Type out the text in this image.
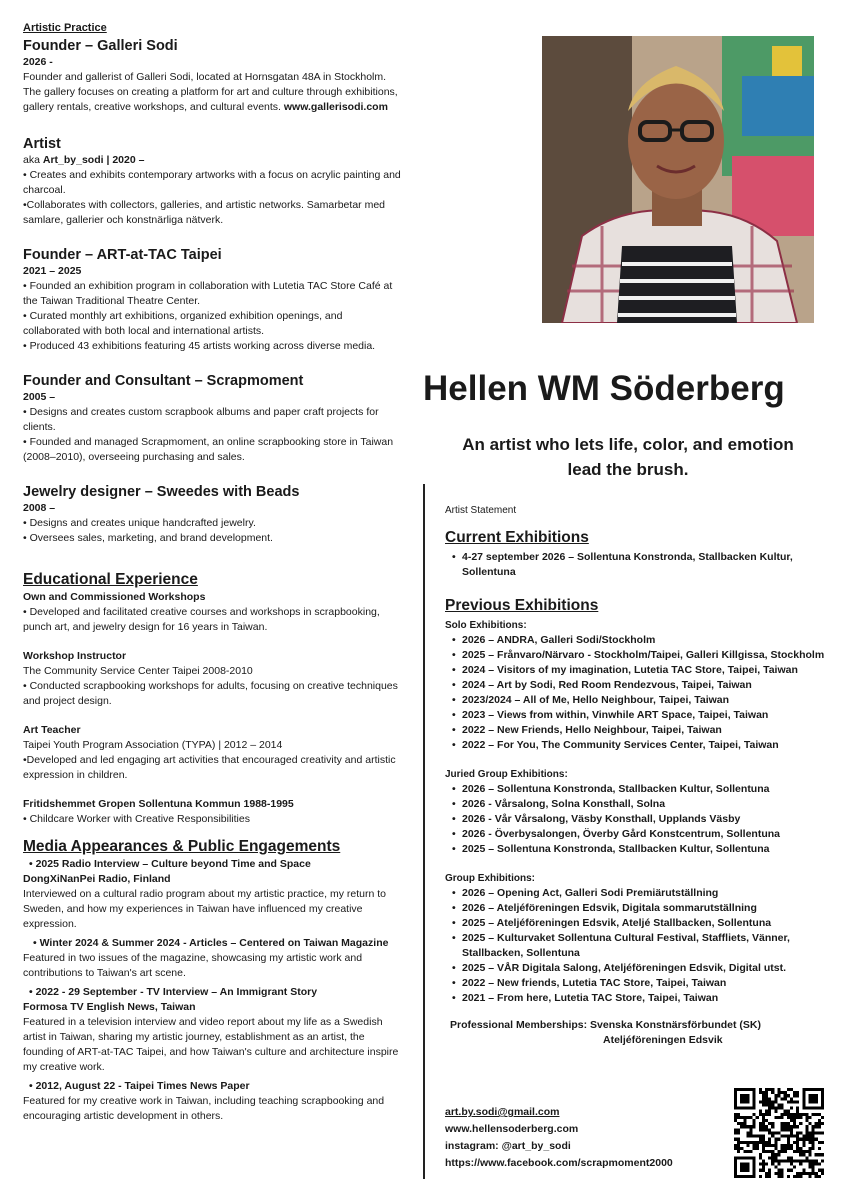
Artistic Practice
Founder – Galleri Sodi
2026 -
Founder and gallerist of Galleri Sodi, located at Hornsgatan 48A in Stockholm. The gallery focuses on creating a platform for art and culture through exhibitions, gallery rentals, creative workshops, and cultural events. www.gallerisodi.com
Artist
aka Art_by_sodi | 2020 –
• Creates and exhibits contemporary artworks with a focus on acrylic painting and charcoal.
•Collaborates with collectors, galleries, and artistic networks. Samarbetar med samlare, gallerier och konstnärliga nätverk.
Founder – ART-at-TAC Taipei
2021 – 2025
• Founded an exhibition program in collaboration with Lutetia TAC Store Café at the Taiwan Traditional Theatre Center.
• Curated monthly art exhibitions, organized exhibition openings, and collaborated with both local and international artists.
• Produced 43 exhibitions featuring 45 artists working across diverse media.
Founder and Consultant – Scrapmoment
2005 –
• Designs and creates custom scrapbook albums and paper craft projects for clients.
• Founded and managed Scrapmoment, an online scrapbooking store in Taiwan (2008–2010), overseeing purchasing and sales.
Jewelry designer – Sweedes with Beads
2008 –
• Designs and creates unique handcrafted jewelry.
• Oversees sales, marketing, and brand development.
Educational Experience
Own and Commissioned Workshops
• Developed and facilitated creative courses and workshops in scrapbooking, punch art, and jewelry design for 16 years in Taiwan.
Workshop Instructor
The Community Service Center Taipei 2008-2010
• Conducted scrapbooking workshops for adults, focusing on creative techniques and project design.
Art Teacher
Taipei Youth Program Association (TYPA) | 2012 – 2014
•Developed and led engaging art activities that encouraged creativity and artistic expression in children.
Fritidshemmet Gropen Sollentuna Kommun 1988-1995
• Childcare Worker with Creative Responsibilities
Media Appearances & Public Engagements
• 2025 Radio Interview – Culture beyond Time and Space
DongXiNanPei Radio, Finland
Interviewed on a cultural radio program about my artistic practice, my return to Sweden, and how my experiences in Taiwan have influenced my creative expression.
• Winter 2024 & Summer 2024 - Articles – Centered on Taiwan Magazine
Featured in two issues of the magazine, showcasing my artistic work and contributions to Taiwan's art scene.
• 2022 - 29 September - TV Interview – An Immigrant Story
Formosa TV English News, Taiwan
Featured in a television interview and video report about my life as a Swedish artist in Taiwan, sharing my artistic journey, establishment as an artist, the founding of ART-at-TAC Taipei, and how Taiwan's culture and architecture inspire my creative work.
• 2012, August 22 - Taipei Times News Paper
Featured for my creative work in Taiwan, including teaching scrapbooking and encouraging artistic development in others.
Hellen WM Söderberg
An artist who lets life, color, and emotion lead the brush.
Artist Statement
Current Exhibitions
• 4-27 september 2026 – Sollentuna Konstronda, Stallbacken Kultur, Sollentuna
Previous Exhibitions
Solo Exhibitions:
• 2026 – ANDRA, Galleri Sodi/Stockholm
• 2025 – Frånvaro/Närvaro - Stockholm/Taipei, Galleri Killgissa, Stockholm
• 2024 – Visitors of my imagination, Lutetia TAC Store, Taipei, Taiwan
• 2024 – Art by Sodi, Red Room Rendezvous, Taipei, Taiwan
• 2023/2024 – All of Me, Hello Neighbour, Taipei, Taiwan
• 2023 – Views from within, Vinwhile ART Space, Taipei, Taiwan
• 2022 – New Friends, Hello Neighbour, Taipei, Taiwan
• 2022 – For You, The Community Services Center, Taipei, Taiwan
Juried Group Exhibitions:
• 2026 – Sollentuna Konstronda, Stallbacken Kultur, Sollentuna
• 2026 - Vårsalong, Solna Konsthall, Solna
• 2026 - Vår Vårsalong, Väsby Konsthall, Upplands Väsby
• 2026 - Överbysalongen, Överby Gård Konstcentrum, Sollentuna
• 2025 – Sollentuna Konstronda, Stallbacken Kultur, Sollentuna
Group Exhibitions:
• 2026 – Opening Act, Galleri Sodi Premiärutställning
• 2026 – Ateljéföreningen Edsvik, Digitala sommarutställning
• 2025 – Ateljéföreningen Edsvik, Ateljé Stallbacken, Sollentuna
• 2025 – Kulturvaket Sollentuna Cultural Festival, Staffliets, Vänner, Stallbacken, Sollentuna
• 2025 – VÅR Digitala Salong, Ateljéföreningen Edsvik, Digital utst.
• 2022 – New friends, Lutetia TAC Store, Taipei, Taiwan
• 2021 – From here, Lutetia TAC Store, Taipei, Taiwan
Professional Memberships: Svenska Konstnärsförbundet (SK)
Ateljéföreningen Edsvik
art.by.sodi@gmail.com
www.hellensoderberg.com
instagram: @art_by_sodi
https://www.facebook.com/scrapmoment2000
